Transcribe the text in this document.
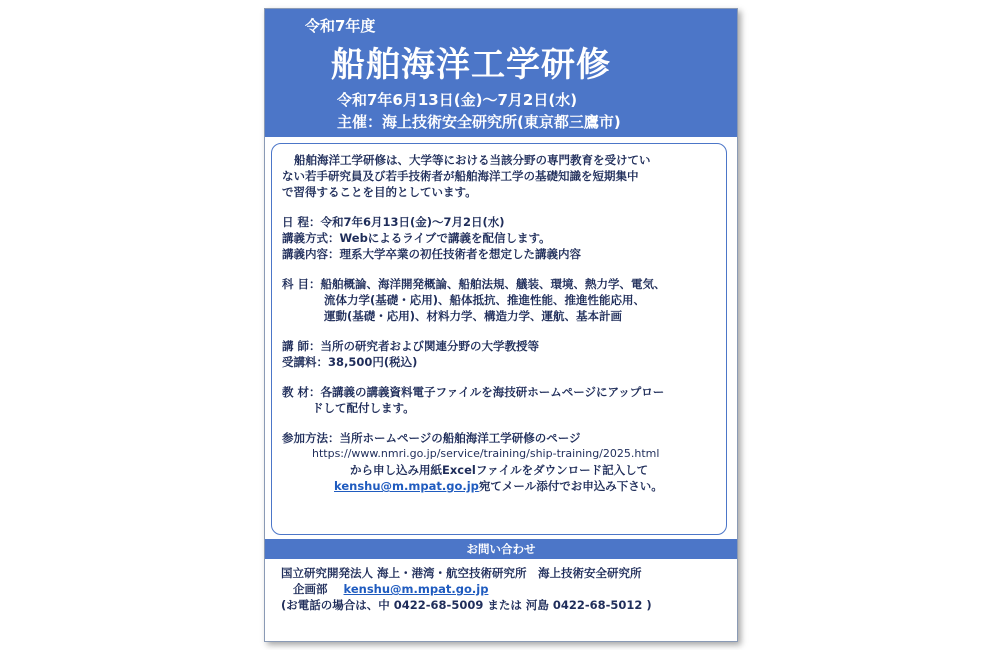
令和7年度
船舶海洋工学研修
令和7年6月13日(金)～7月2日(水)
主催：海上技術安全研究所(東京都三鷹市)
船舶海洋工学研修は、大学等における当該分野の専門教育を受けてい
ない若手研究員及び若手技術者が船舶海洋工学の基礎知識を短期集中
で習得することを目的としています。
日 程：令和7年6月13日(金)～7月2日(水)
講義方式：Webによるライブで講義を配信します。
講義内容：理系大学卒業の初任技術者を想定した講義内容
科 目：船舶概論、海洋開発概論、船舶法規、艤装、環境、熱力学、電気、
流体力学(基礎・応用)、船体抵抗、推進性能、推進性能応用、
運動(基礎・応用)、材料力学、構造力学、運航、基本計画
講 師：当所の研究者および関連分野の大学教授等
受講料：38,500円(税込)
教 材：各講義の講義資料電子ファイルを海技研ホームページにアップロー
ドして配付します。
参加方法：当所ホームページの船舶海洋工学研修のページ
https://www.nmri.go.jp/service/training/ship-training/2025.html
から申し込み用紙Excelファイルをダウンロード記入して
kenshu@m.mpat.go.jp宛てメール添付でお申込み下さい。
お問い合わせ
国立研究開発法人 海上・港湾・航空技術研究所　海上技術安全研究所
企画部 kenshu@m.mpat.go.jp
(お電話の場合は、中 0422-68-5009 または 河島 0422-68-5012 )
